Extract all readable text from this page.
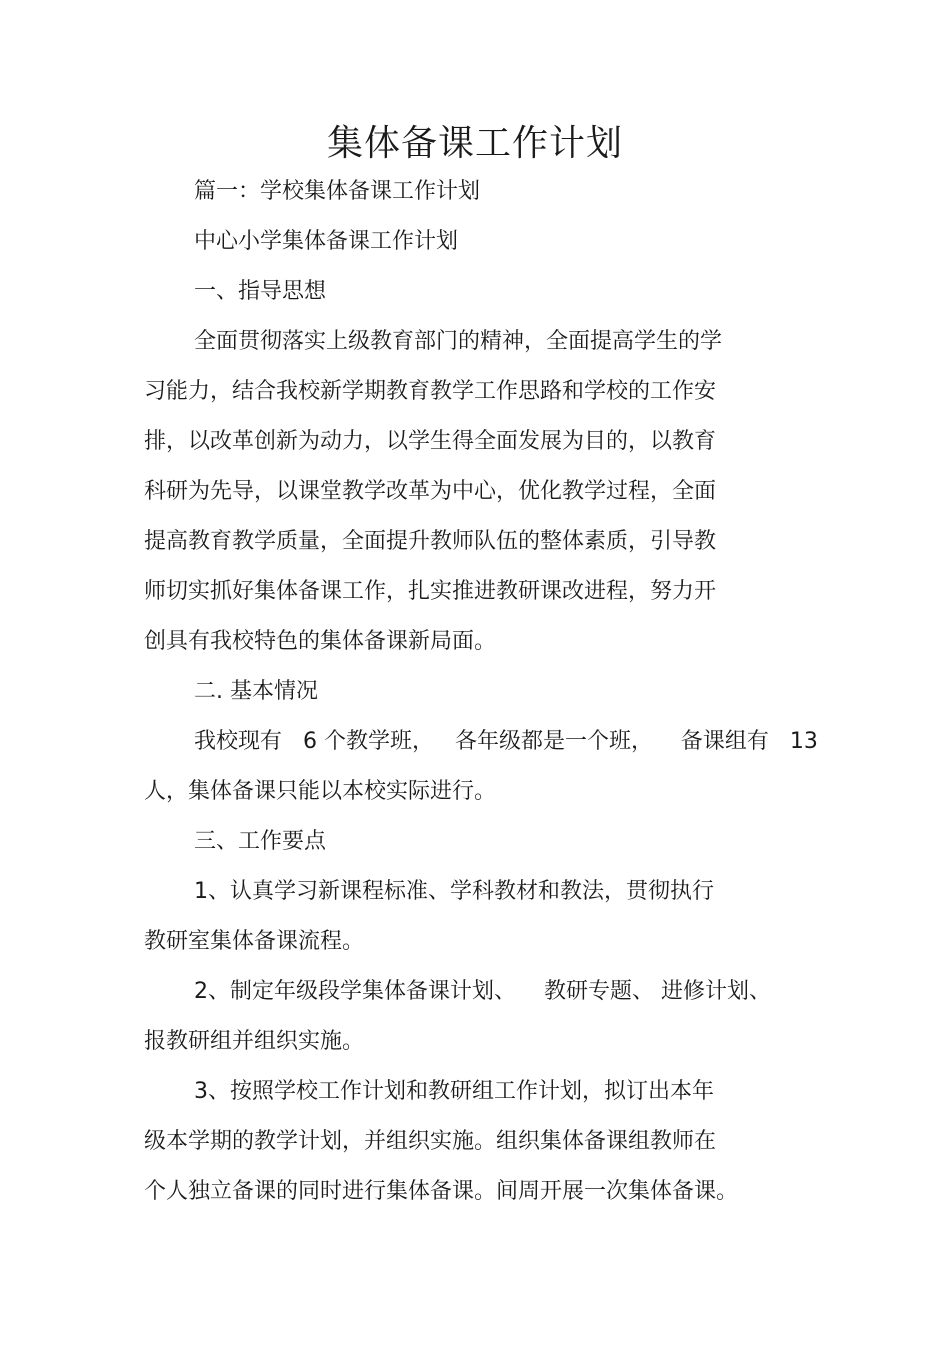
集体备课工作计划
篇一：学校集体备课工作计划
中心小学集体备课工作计划
一、指导思想
全面贯彻落实上级教育部门的精神，全面提高学生的学
习能力，结合我校新学期教育教学工作思路和学校的工作安
排，以改革创新为动力，以学生得全面发展为目的，以教育
科研为先导，以课堂教学改革为中心，优化教学过程，全面
提高教育教学质量，全面提升教师队伍的整体素质，引导教
师切实抓好集体备课工作，扎实推进教研课改进程，努力开
创具有我校特色的集体备课新局面。
二. 基本情况
我校现有   6 个教学班，   各年级都是一个班，    备课组有   13
人，集体备课只能以本校实际进行。
三、工作要点
1、认真学习新课程标准、学科教材和教法，贯彻执行
教研室集体备课流程。
2、制定年级段学集体备课计划、    教研专题、 进修计划、
报教研组并组织实施。
3、按照学校工作计划和教研组工作计划，拟订出本年
级本学期的教学计划，并组织实施。组织集体备课组教师在
个人独立备课的同时进行集体备课。间周开展一次集体备课。
